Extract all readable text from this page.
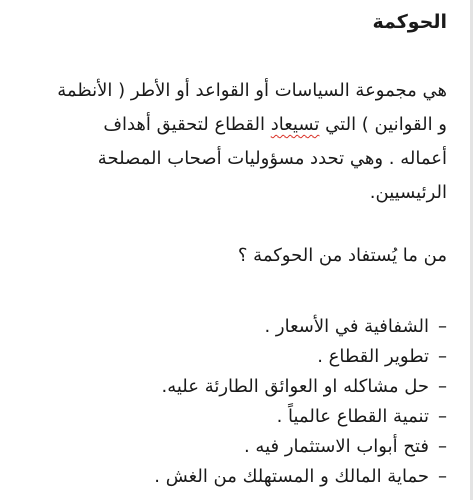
الحوكمة

هي مجموعة السياسات أو القواعد أو الأطر ( الأنظمة
و القوانين ) التي تسيعاد القطاع لتحقيق أهداف
أعماله . وهي تحدد مسؤوليات أصحاب المصلحة
الرئيسيين.

من ما يُستفاد من الحوكمة ؟

–الشفافية في الأسعار .
–تطوير القطاع .
–حل مشاكله او العوائق الطارئة عليه.
–تنمية القطاع عالمياً .
–فتح أبواب الاستثمار فيه .
–حماية المالك و المستهلك من الغش .
